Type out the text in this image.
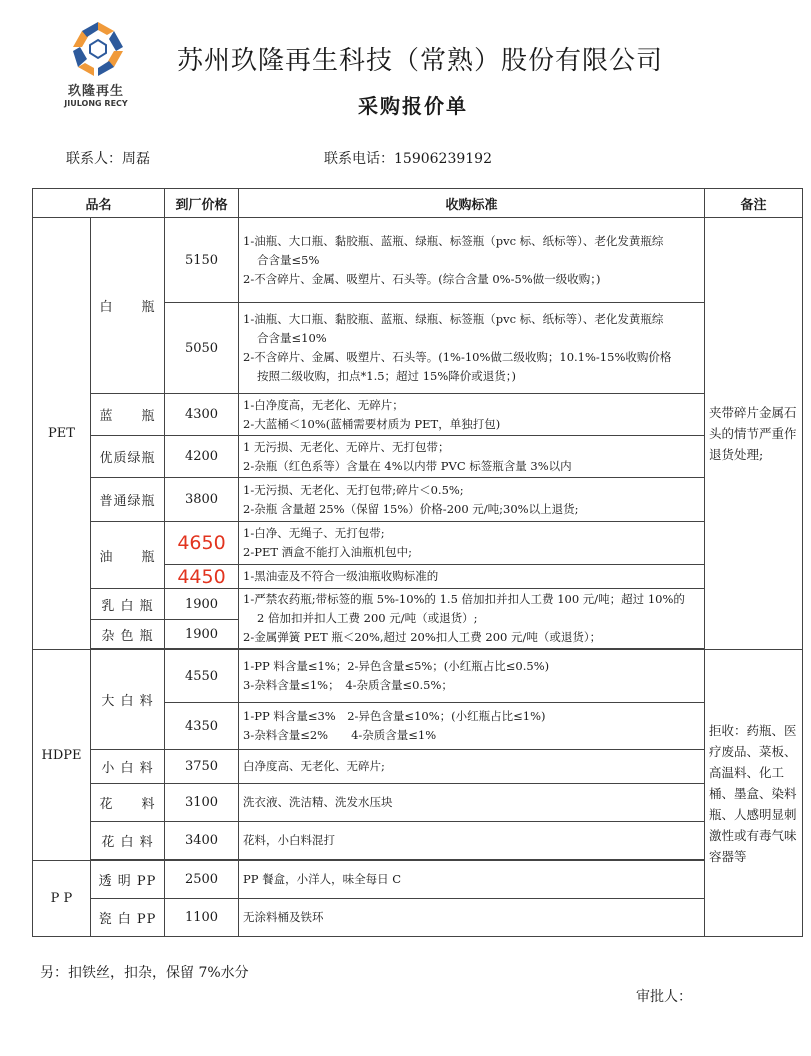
玖隆再生
JIULONG RECY
苏州玖隆再生科技（常熟）股份有限公司
采购报价单
联系人：周磊	联系电话：15906239192
品名		到厂价格	收购标准	备注
PET	白　　瓶	5150	1-油瓶、大口瓶、黏胶瓶、蓝瓶、绿瓶、标签瓶（pvc 标、纸标等）、老化发黄瓶综
合含量≤5%
2-不含碎片、金属、吸塑片、石头等。(综合含量 0%-5%做一级收购；)	夹带碎片金属石头的情节严重作退货处理;
		5050	1-油瓶、大口瓶、黏胶瓶、蓝瓶、绿瓶、标签瓶（pvc 标、纸标等）、老化发黄瓶综
合含量≤10%
2-不含碎片、金属、吸塑片、石头等。(1%-10%做二级收购；10.1%-15%收购价格
按照二级收购，扣点*1.5；超过 15%降价或退货；)	

	蓝　　瓶	4300	1-白净度高，无老化、无碎片；
2-大蓝桶＜10%(蓝桶需要材质为 PET，单独打包)	

	优质绿瓶	4200	1 无污损、无老化、无碎片、无打包带；
2-杂瓶（红色系等）含量在 4%以内带 PVC 标签瓶含量 3%以内	

	普通绿瓶	3800	1-无污损、无老化、无打包带;碎片＜0.5%;
2-杂瓶 含量超 25%（保留 15%）价格-200 元/吨;30%以上退货;	

	油　　瓶	4650	1-白净、无绳子、无打包带;
2-PET 酒盒不能打入油瓶机包中;	

		4450	1-黑油壶及不符合一级油瓶收购标准的	

	乳 白 瓶	1900	1-严禁农药瓶;带标签的瓶 5%-10%的 1.5 倍加扣并扣人工费 100 元/吨；超过 10%的
2 倍加扣并扣人工费 200 元/吨（或退货）;
2-金属弹簧 PET 瓶＜20%,超过 20%扣人工费 200 元/吨（或退货）；	

	杂 色 瓶	1900		

HDPE	大 白 料	4550	1-PP 料含量≤1%；2-异色含量≤5%；(小红瓶占比≤0.5%)
3-杂料含量≤1%；　4-杂质含量≤0.5%；	拒收：药瓶、医疗废品、菜板、高温料、化工桶、墨盒、染料瓶、人感明显刺激性或有毒气味容器等
		4350	1-PP 料含量≤3%　2-异色含量≤10%；(小红瓶占比≤1%)
3-杂料含量≤2%　　4-杂质含量≤1%	

	小 白 料	3750	白净度高、无老化、无碎片;	

	花　　料	3100	洗衣液、洗洁精、洗发水压块	

	花 白 料	3400	花料，小白料混打	

P P	透 明 PP	2500	PP 餐盒，小洋人，味全每日 C	

	瓷 白 PP	1100	无涂料桶及铁环	
另：扣铁丝，扣杂，保留 7%水分
审批人：
